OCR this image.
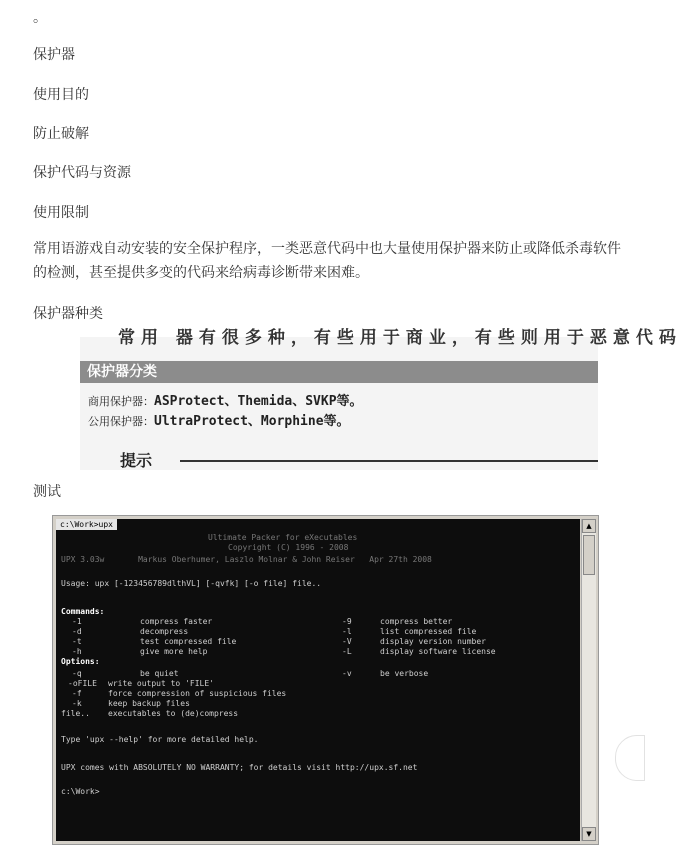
。
保护器
使用目的
防止破解
保护代码与资源
使用限制
常用语游戏自动安装的安全保护程序，一类恶意代码中也大量使用保护器来防止或降低杀毒软件的检测，甚至提供多变的代码来给病毒诊断带来困难。
保护器种类
常用 器有很多种，有些用于商业，有些则用于恶意代码
保护器分类
商用保护器：ASProtect、Themida、SVKP等。
公用保护器：UltraProtect、Morphine等。
提示
测试
c:\Work>upx
Ultimate Packer for eXecutables
Copyright (C) 1996 - 2008
UPX 3.03w       Markus Oberhumer, Laszlo Molnar & John Reiser   Apr 27th 2008
Usage: upx [-123456789dlthVL] [-qvfk] [-o file] file..
Commands:
-1	compress faster	-9	compress better
-d	decompress	-l	list compressed file
-t	test compressed file	-V	display version number
-h	give more help	-L	display software license
Options:
-q	be quiet	-v	be verbose
-oFILE write output to 'FILE'
-f	force compression of suspicious files
-k	keep backup files
file.. executables to (de)compress
Type 'upx --help' for more detailed help.
UPX comes with ABSOLUTELY NO WARRANTY; for details visit http://upx.sf.net
c:\Work>
▲
▼
